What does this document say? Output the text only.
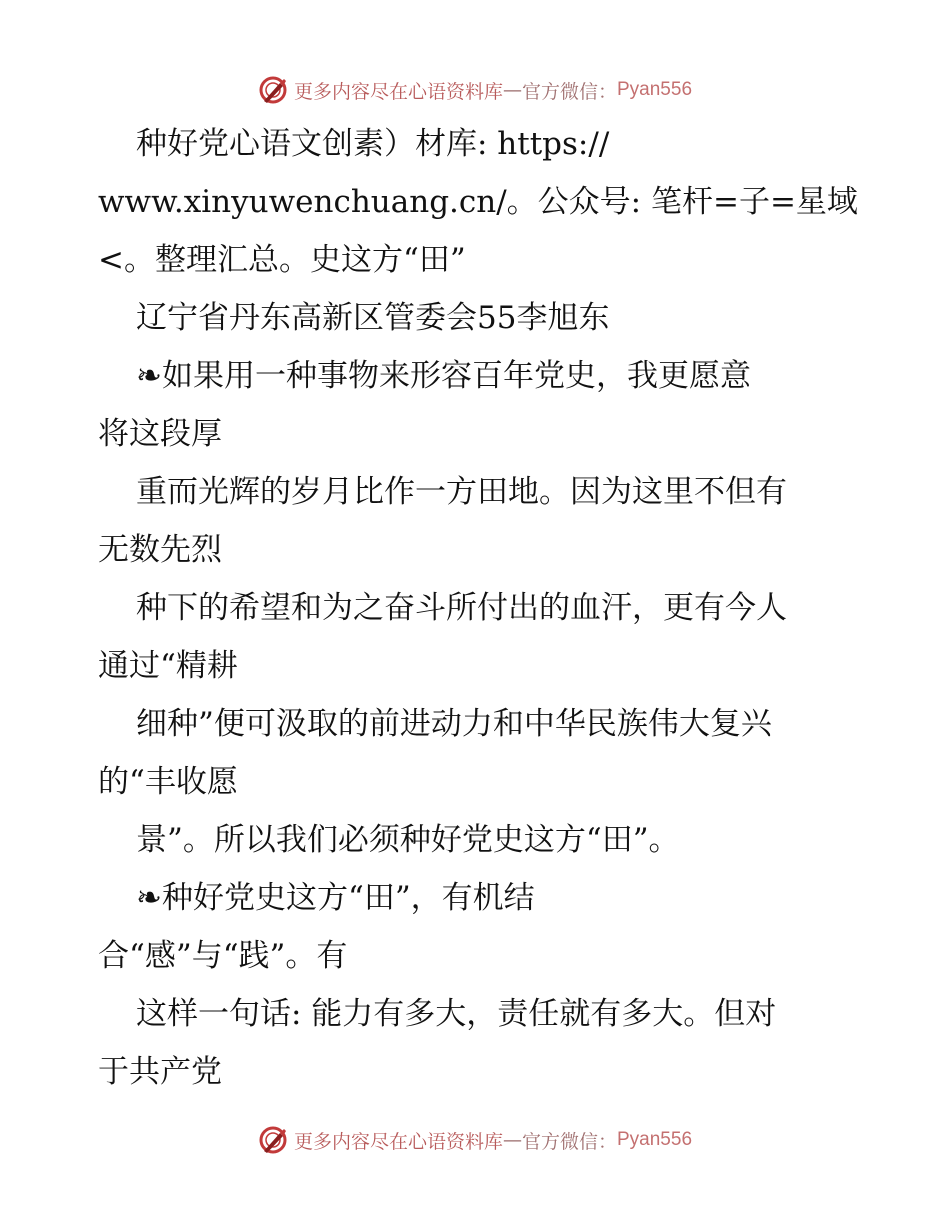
更多内容尽在心语资料库 — 官方微信： Pyan556
种好党心语文创素）材库: https://
www.xinyuwenchuang.cn/。公众号: 笔杆=子=星域
<。整理汇总。史这方“田”
辽宁省丹东高新区管委会55李旭东
❧如果用一种事物来形容百年党史，我更愿意
将这段厚
重而光辉的岁月比作一方田地。因为这里不但有
无数先烈
种下的希望和为之奋斗所付出的血汗，更有今人
通过“精耕
细种”便可汲取的前进动力和中华民族伟大复兴
的“丰收愿
景”。所以我们必须种好党史这方“田”。
❧种好党史这方“田”，有机结
合“感”与“践”。有
这样一句话: 能力有多大，责任就有多大。但对
于共产党
更多内容尽在心语资料库 — 官方微信： Pyan556
